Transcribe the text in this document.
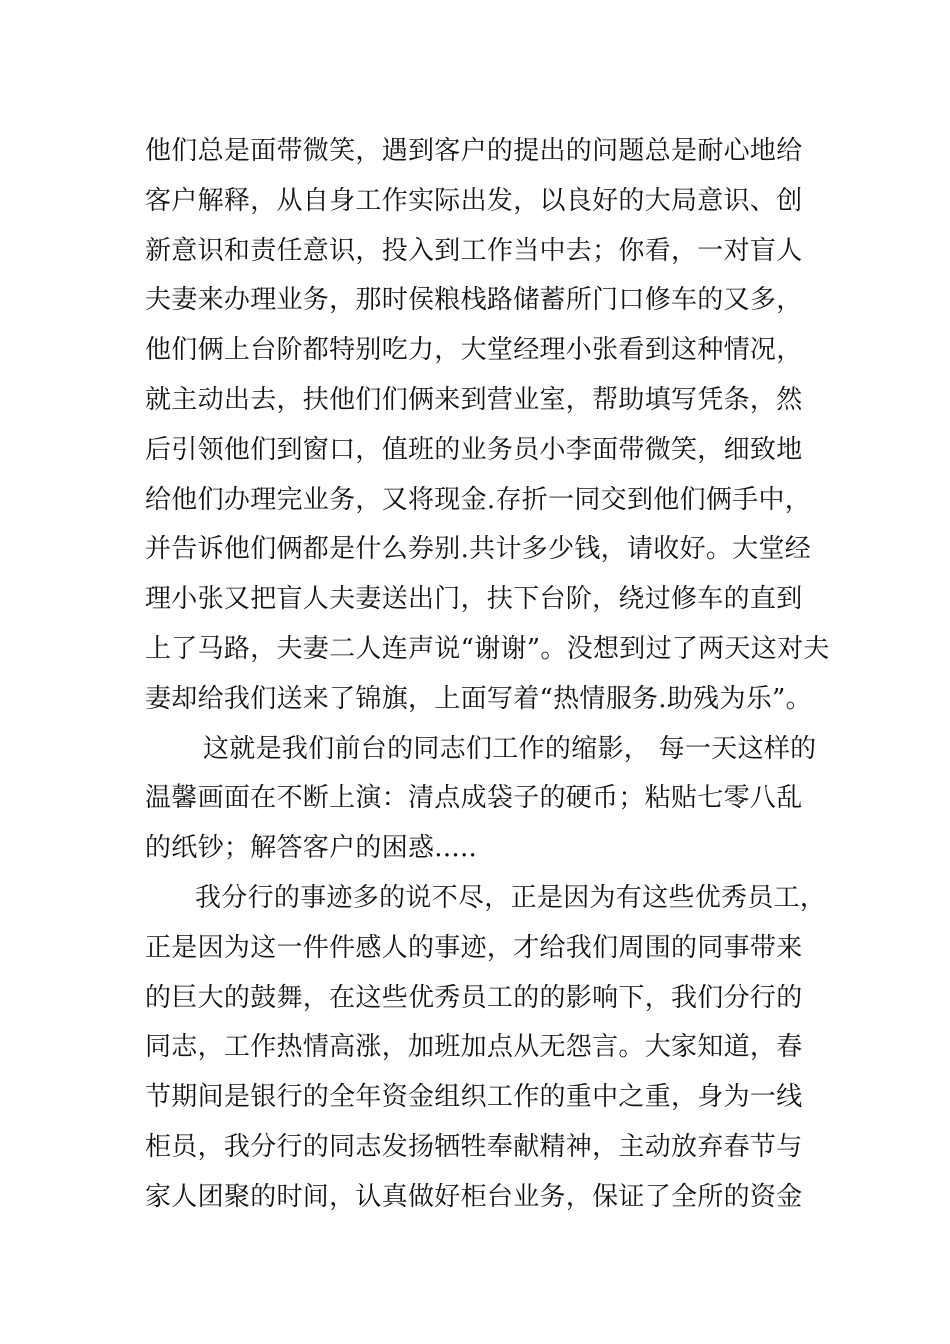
他们总是面带微笑，遇到客户的提出的问题总是耐心地给
客户解释，从自身工作实际出发，以良好的大局意识、创
新意识和责任意识，投入到工作当中去；你看，一对盲人
夫妻来办理业务，那时侯粮栈路储蓄所门口修车的又多，
他们俩上台阶都特别吃力，大堂经理小张看到这种情况，
就主动出去，扶他们们俩来到营业室，帮助填写凭条，然
后引领他们到窗口，值班的业务员小李面带微笑，细致地
给他们办理完业务，又将现金.存折一同交到他们俩手中，
并告诉他们俩都是什么券别.共计多少钱，请收好。大堂经
理小张又把盲人夫妻送出门，扶下台阶，绕过修车的直到
上了马路，夫妻二人连声说“谢谢”。没想到过了两天这对夫
妻却给我们送来了锦旗，上面写着“热情服务.助残为乐”。
这就是我们前台的同志们工作的缩影， 每一天这样的
温馨画面在不断上演：清点成袋子的硬币；粘贴七零八乱
的纸钞；解答客户的困惑.....
我分行的事迹多的说不尽，正是因为有这些优秀员工，
正是因为这一件件感人的事迹，才给我们周围的同事带来
的巨大的鼓舞，在这些优秀员工的的影响下，我们分行的
同志，工作热情高涨，加班加点从无怨言。大家知道，春
节期间是银行的全年资金组织工作的重中之重，身为一线
柜员，我分行的同志发扬牺牲奉献精神，主动放弃春节与
家人团聚的时间，认真做好柜台业务，保证了全所的资金
